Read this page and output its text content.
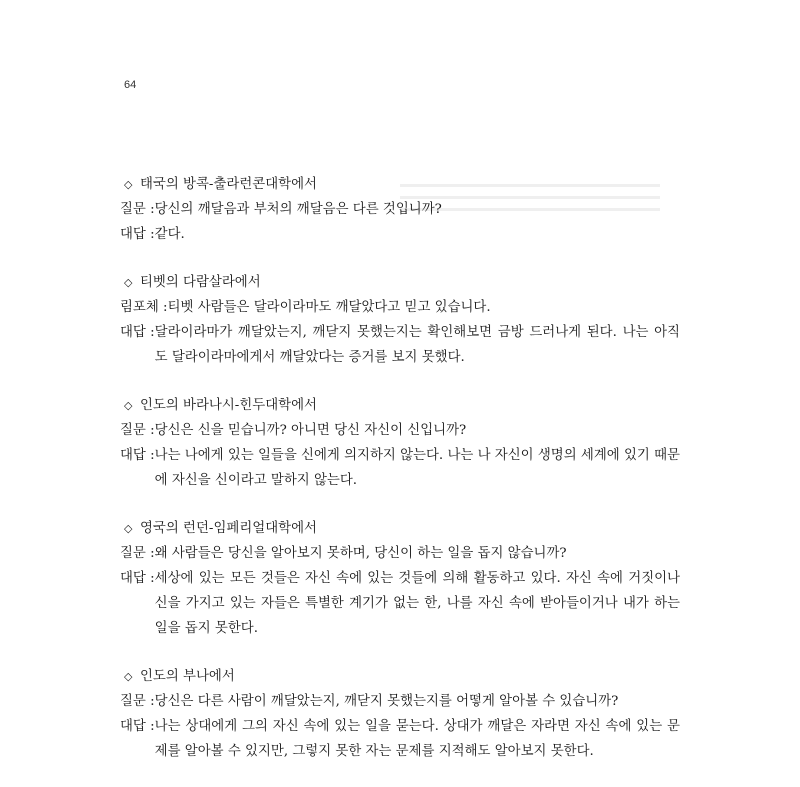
64
◇ 태국의 방콕-출라런콘대학에서
질문 : 당신의 깨달음과 부처의 깨달음은 다른 것입니까?
대답 : 같다.
◇ 티벳의 다람살라에서
림포체 : 티벳 사람들은 달라이라마도 깨달았다고 믿고 있습니다.
대답 : 달라이라마가 깨달았는지, 깨닫지 못했는지는 확인해보면 금방 드러나게 된다. 나는 아직도 달라이라마에게서 깨달았다는 증거를 보지 못했다.
◇ 인도의 바라나시-힌두대학에서
질문 : 당신은 신을 믿습니까? 아니면 당신 자신이 신입니까?
대답 : 나는 나에게 있는 일들을 신에게 의지하지 않는다. 나는 나 자신이 생명의 세계에 있기 때문에 자신을 신이라고 말하지 않는다.
◇ 영국의 런던-임페리얼대학에서
질문 : 왜 사람들은 당신을 알아보지 못하며, 당신이 하는 일을 돕지 않습니까?
대답 : 세상에 있는 모든 것들은 자신 속에 있는 것들에 의해 활동하고 있다. 자신 속에 거짓이나 신을 가지고 있는 자들은 특별한 계기가 없는 한, 나를 자신 속에 받아들이거나 내가 하는 일을 돕지 못한다.
◇ 인도의 부나에서
질문 : 당신은 다른 사람이 깨달았는지, 깨닫지 못했는지를 어떻게 알아볼 수 있습니까?
대답 : 나는 상대에게 그의 자신 속에 있는 일을 묻는다. 상대가 깨달은 자라면 자신 속에 있는 문제를 알아볼 수 있지만, 그렇지 못한 자는 문제를 지적해도 알아보지 못한다.
